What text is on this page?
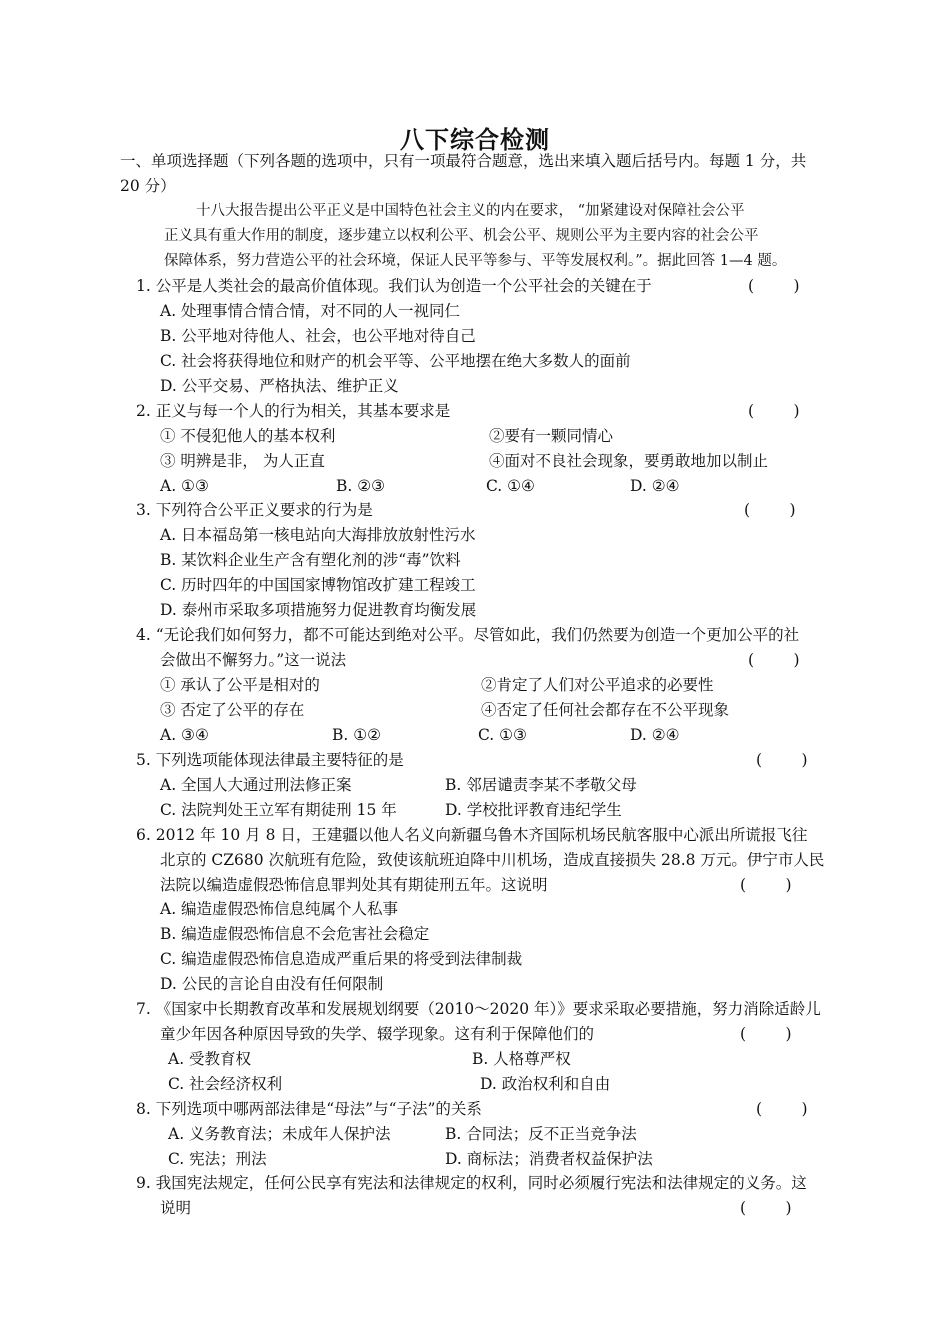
八下综合检测
一、单项选择题（下列各题的选项中，只有一项最符合题意，选出来填入题后括号内。每题 1 分，共
20 分）
十八大报告提出公平正义是中国特色社会主义的内在要求， “加紧建设对保障社会公平
正义具有重大作用的制度，逐步建立以权利公平、机会公平、规则公平为主要内容的社会公平
保障体系，努力营造公平的社会环境，保证人民平等参与、平等发展权利。”。据此回答 1—4 题。
1. 公平是人类社会的最高价值体现。我们认为创造一个公平社会的关键在于	(        )
A. 处理事情合情合情，对不同的人一视同仁
B. 公平地对待他人、社会，也公平地对待自己
C. 社会将获得地位和财产的机会平等、公平地摆在绝大多数人的面前
D. 公平交易、严格执法、维护正义
2. 正义与每一个人的行为相关，其基本要求是	(        )
① 不侵犯他人的基本权利	②要有一颗同情心
③ 明辨是非， 为人正直	④面对不良社会现象，要勇敢地加以制止
A. ①③	B. ②③	C. ①④	D. ②④
3. 下列符合公平正义要求的行为是	(        )
A. 日本福岛第一核电站向大海排放放射性污水
B. 某饮料企业生产含有塑化剂的涉“毒”饮料
C. 历时四年的中国国家博物馆改扩建工程竣工
D. 泰州市采取多项措施努力促进教育均衡发展
4. “无论我们如何努力，都不可能达到绝对公平。尽管如此，我们仍然要为创造一个更加公平的社
会做出不懈努力。”这一说法	(        )
① 承认了公平是相对的	②肯定了人们对公平追求的必要性
③ 否定了公平的存在	④否定了任何社会都存在不公平现象
A. ③④	B. ①②	C. ①③	D. ②④
5. 下列选项能体现法律最主要特征的是	(        )
A. 全国人大通过刑法修正案	B. 邻居谴责李某不孝敬父母
C. 法院判处王立军有期徒刑 15 年	D. 学校批评教育违纪学生
6. 2012 年 10 月 8 日，王建疆以他人名义向新疆乌鲁木齐国际机场民航客服中心派出所谎报飞往
北京的 CZ680 次航班有危险，致使该航班迫降中川机场，造成直接损失 28.8 万元。伊宁市人民
法院以编造虚假恐怖信息罪判处其有期徒刑五年。这说明	(        )
A. 编造虚假恐怖信息纯属个人私事
B. 编造虚假恐怖信息不会危害社会稳定
C. 编造虚假恐怖信息造成严重后果的将受到法律制裁
D. 公民的言论自由没有任何限制
7. 《国家中长期教育改革和发展规划纲要（2010～2020 年）》要求采取必要措施，努力消除适龄儿
童少年因各种原因导致的失学、辍学现象。这有利于保障他们的	(        )
A. 受教育权	B. 人格尊严权
C. 社会经济权利	D. 政治权利和自由
8. 下列选项中哪两部法律是“母法”与“子法”的关系	(        )
A. 义务教育法；未成年人保护法	B. 合同法；反不正当竞争法
C. 宪法；刑法	D. 商标法；消费者权益保护法
9. 我国宪法规定，任何公民享有宪法和法律规定的权利，同时必须履行宪法和法律规定的义务。这
说明	(        )
